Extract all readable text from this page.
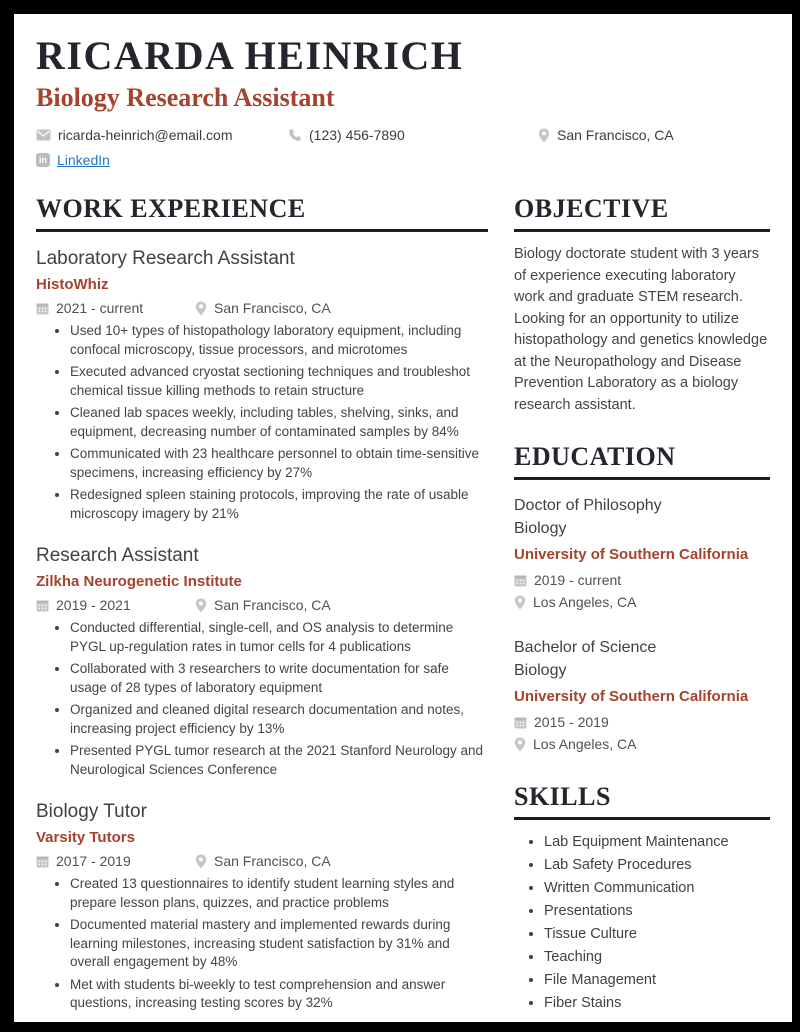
RICARDA HEINRICH
Biology Research Assistant
ricarda-heinrich@email.com	(123) 456-7890	San Francisco, CA
in LinkedIn
WORK EXPERIENCE
Laboratory Research Assistant
HistoWhiz
2021 - current	San Francisco, CA
• Used 10+ types of histopathology laboratory equipment, including confocal microscopy, tissue processors, and microtomes
• Executed advanced cryostat sectioning techniques and troubleshot chemical tissue killing methods to retain structure
• Cleaned lab spaces weekly, including tables, shelving, sinks, and equipment, decreasing number of contaminated samples by 84%
• Communicated with 23 healthcare personnel to obtain time-sensitive specimens, increasing efficiency by 27%
• Redesigned spleen staining protocols, improving the rate of usable microscopy imagery by 21%
Research Assistant
Zilkha Neurogenetic Institute
2019 - 2021	San Francisco, CA
• Conducted differential, single-cell, and OS analysis to determine PYGL up-regulation rates in tumor cells for 4 publications
• Collaborated with 3 researchers to write documentation for safe usage of 28 types of laboratory equipment
• Organized and cleaned digital research documentation and notes, increasing project efficiency by 13%
• Presented PYGL tumor research at the 2021 Stanford Neurology and Neurological Sciences Conference
Biology Tutor
Varsity Tutors
2017 - 2019	San Francisco, CA
• Created 13 questionnaires to identify student learning styles and prepare lesson plans, quizzes, and practice problems
• Documented material mastery and implemented rewards during learning milestones, increasing student satisfaction by 31% and overall engagement by 48%
• Met with students bi-weekly to test comprehension and answer questions, increasing testing scores by 32%
OBJECTIVE

Biology doctorate student with 3 years of experience executing laboratory work and graduate STEM research. Looking for an opportunity to utilize histopathology and genetics knowledge at the Neuropathology and Disease Prevention Laboratory as a biology research assistant.

EDUCATION
Doctor of Philosophy
Biology
University of Southern California
2019 - current
Los Angeles, CA
Bachelor of Science
Biology
University of Southern California
2015 - 2019
Los Angeles, CA
SKILLS
• Lab Equipment Maintenance
• Lab Safety Procedures
• Written Communication
• Presentations
• Tissue Culture
• Teaching
• File Management
• Fiber Stains
